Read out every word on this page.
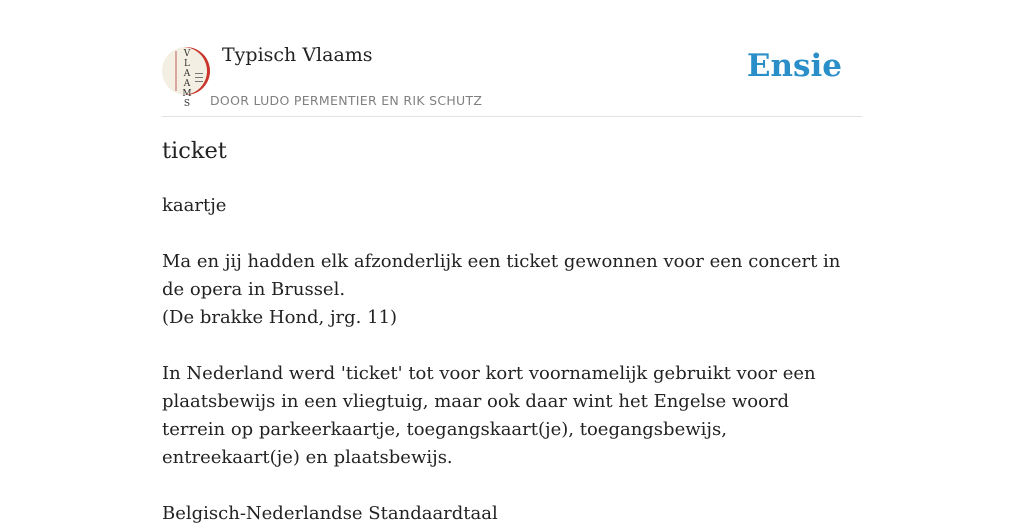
V
L
A
A
M
S
Typisch Vlaams
DOOR LUDO PERMENTIER EN RIK SCHUTZ
Ensie
ticket

kaartje

Ma en jij hadden elk afzonderlijk een ticket gewonnen voor een concert in de opera in Brussel.

(De brakke Hond, jrg. 11)

In Nederland werd 'ticket' tot voor kort voornamelijk gebruikt voor een plaatsbewijs in een vliegtuig, maar ook daar wint het Engelse woord terrein op parkeerkaartje, toegangskaart(je), toegangsbewijs, entreekaart(je) en plaatsbewijs.

Belgisch-Nederlandse Standaardtaal
